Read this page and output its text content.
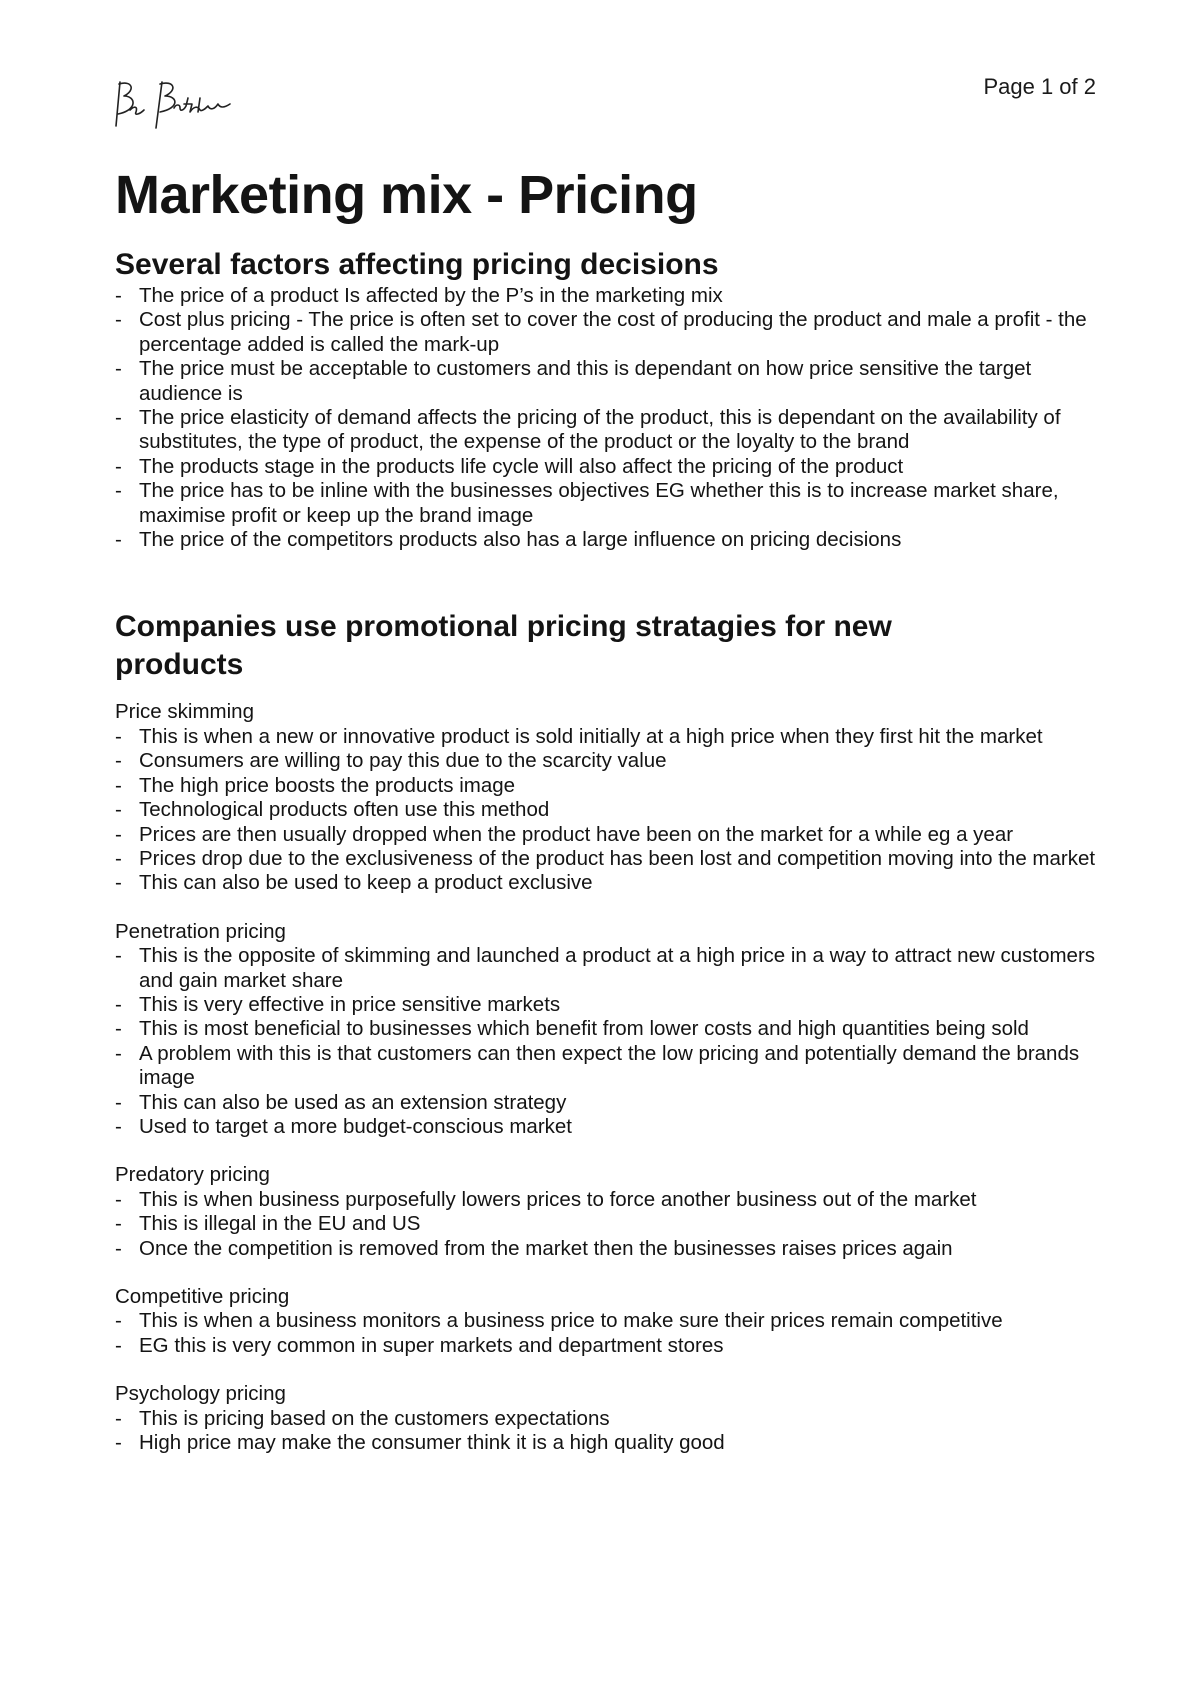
Page 1 of 2
Marketing mix - Pricing
Several factors affecting pricing decisions
- The price of a product Is affected by the P’s in the marketing mix
- Cost plus pricing - The price is often set to cover the cost of producing the product and male a profit - the percentage added is called the mark-up
- The price must be acceptable to customers and this is dependant on how price sensitive the target audience is
- The price elasticity of demand affects the pricing of the product, this is dependant on the availability of substitutes, the type of product, the expense of the product or the loyalty to the brand
- The products stage in the products life cycle will also affect the pricing of the product
- The price has to be inline with the businesses objectives EG whether this is to increase market share, maximise profit or keep up the brand image
- The price of the competitors products also has a large influence on pricing decisions
Companies use promotional pricing stratagies for new products
Price skimming
- This is when a new or innovative product is sold initially at a high price when they first hit the market
- Consumers are willing to pay this due to the scarcity value
- The high price boosts the products image
- Technological products often use this method
- Prices are then usually dropped when the product have been on the market for a while eg a year
- Prices drop due to the exclusiveness of the product has been lost and competition moving into the market
- This can also be used to keep a product exclusive
Penetration pricing
- This is the opposite of skimming and launched a product at a high price in a way to attract new customers and gain market share
- This is very effective in price sensitive markets
- This is most beneficial to businesses which benefit from lower costs and high quantities being sold
- A problem with this is that customers can then expect the low pricing and potentially demand the brands image
- This can also be used as an extension strategy
- Used to target a more budget-conscious market
Predatory pricing
- This is when business purposefully lowers prices to force another business out of the market
- This is illegal in the EU and US
- Once the competition is removed from the market then the businesses raises prices again
Competitive pricing
- This is when a business monitors a business price to make sure their prices remain competitive
- EG this is very common in super markets and department stores
Psychology pricing
- This is pricing based on the customers expectations
- High price may make the consumer think it is a high quality good
